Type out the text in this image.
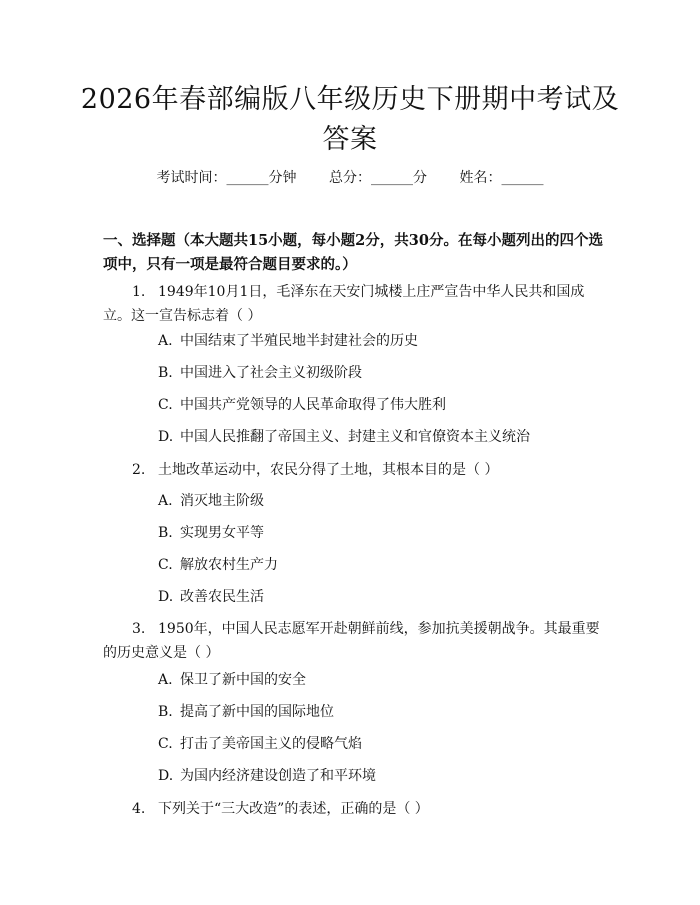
2026年春部编版八年级历史下册期中考试及答案
考试时间：______分钟 总分：______分 姓名：______
一、选择题（本大题共15小题，每小题2分，共30分。在每小题列出的四个选项中，只有一项是最符合题目要求的。）
1. 1949年10月1日，毛泽东在天安门城楼上庄严宣告中华人民共和国成立。这一宣告标志着（ ）
A. 中国结束了半殖民地半封建社会的历史
B. 中国进入了社会主义初级阶段
C. 中国共产党领导的人民革命取得了伟大胜利
D. 中国人民推翻了帝国主义、封建主义和官僚资本主义统治
2. 土地改革运动中，农民分得了土地，其根本目的是（ ）
A. 消灭地主阶级
B. 实现男女平等
C. 解放农村生产力
D. 改善农民生活
3. 1950年，中国人民志愿军开赴朝鲜前线，参加抗美援朝战争。其最重要的历史意义是（ ）
A. 保卫了新中国的安全
B. 提高了新中国的国际地位
C. 打击了美帝国主义的侵略气焰
D. 为国内经济建设创造了和平环境
4. 下列关于“三大改造”的表述，正确的是（ ）
